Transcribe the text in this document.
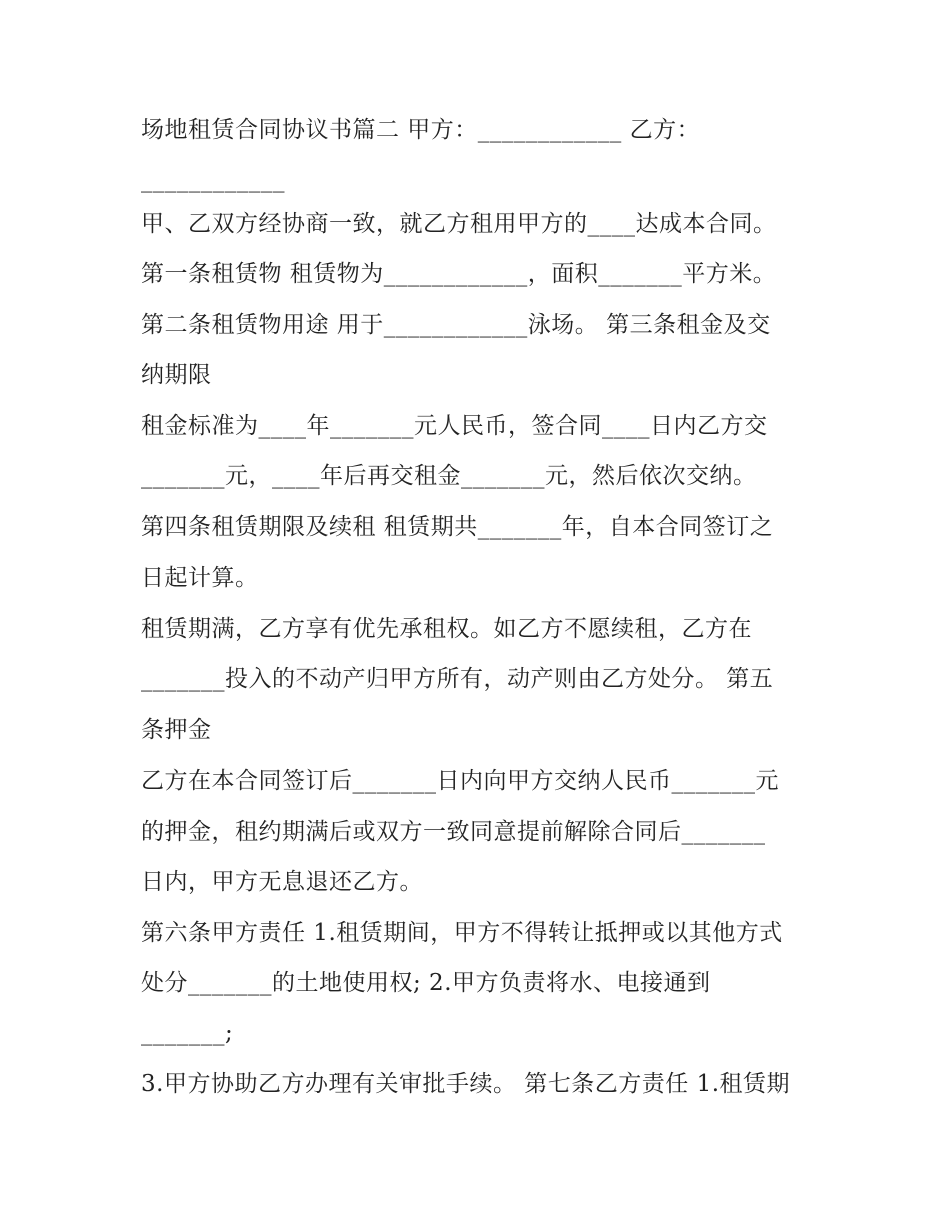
场地租赁合同协议书篇二 甲方：____________ 乙方：
____________
甲、乙双方经协商一致，就乙方租用甲方的____达成本合同。
第一条租赁物 租赁物为____________，面积_______平方米。
第二条租赁物用途 用于____________泳场。 第三条租金及交
纳期限
租金标准为____年_______元人民币，签合同____日内乙方交
_______元，____年后再交租金_______元，然后依次交纳。
第四条租赁期限及续租 租赁期共_______年，自本合同签订之
日起计算。
租赁期满，乙方享有优先承租权。如乙方不愿续租，乙方在
_______投入的不动产归甲方所有，动产则由乙方处分。 第五
条押金
乙方在本合同签订后_______日内向甲方交纳人民币_______元
的押金，租约期满后或双方一致同意提前解除合同后_______
日内，甲方无息退还乙方。
第六条甲方责任 1.租赁期间，甲方不得转让抵押或以其他方式
处分_______的土地使用权; 2.甲方负责将水、电接通到
_______;
3.甲方协助乙方办理有关审批手续。 第七条乙方责任 1.租赁期
